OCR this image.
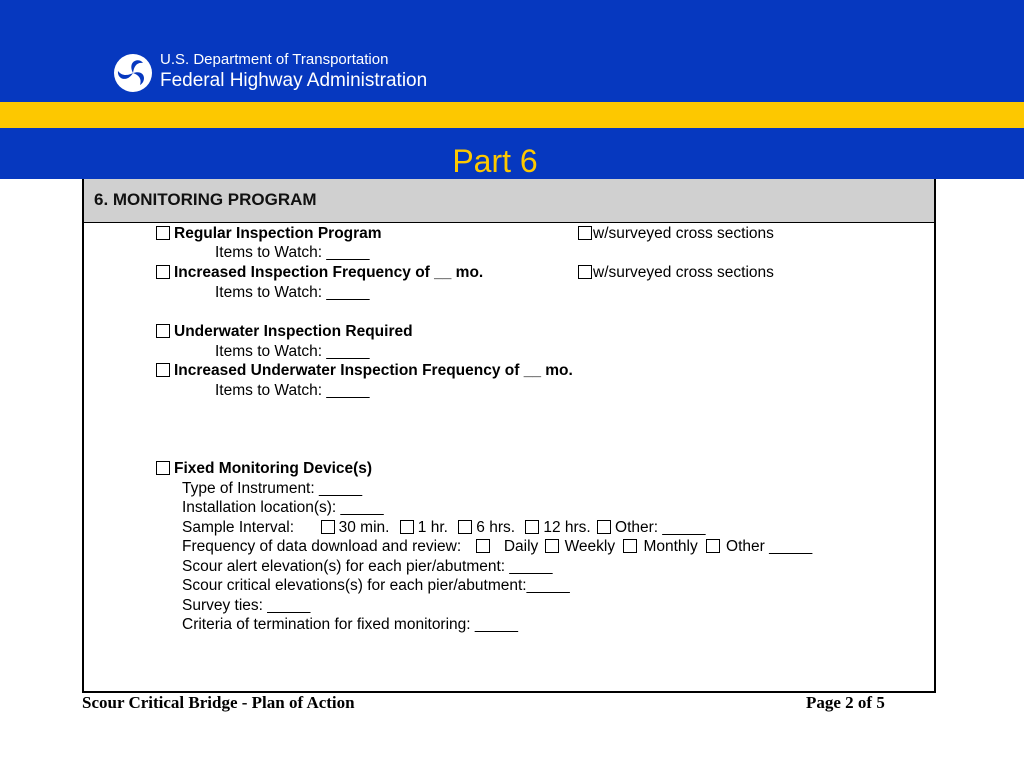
U.S. Department of Transportation
Federal Highway Administration
Part 6
6. MONITORING PROGRAM
Regular Inspection Program	w/surveyed cross sections
Items to Watch: _____
Increased Inspection Frequency of __ mo.	w/surveyed cross sections
Items to Watch: _____
Underwater Inspection Required
Items to Watch: _____
Increased Underwater Inspection Frequency of __ mo.
Items to Watch: _____
Fixed Monitoring Device(s)
Type of Instrument: _____
Installation location(s): _____
Sample Interval:	30 min. 1 hr. 6 hrs. 12 hrs. Other: _____
Frequency of data download and review:	Daily Weekly Monthly Other _____
Scour alert elevation(s) for each pier/abutment: _____
Scour critical elevations(s) for each pier/abutment:_____
Survey ties: _____
Criteria of termination for fixed monitoring: _____
Scour Critical Bridge - Plan of Action	Page 2 of 5
